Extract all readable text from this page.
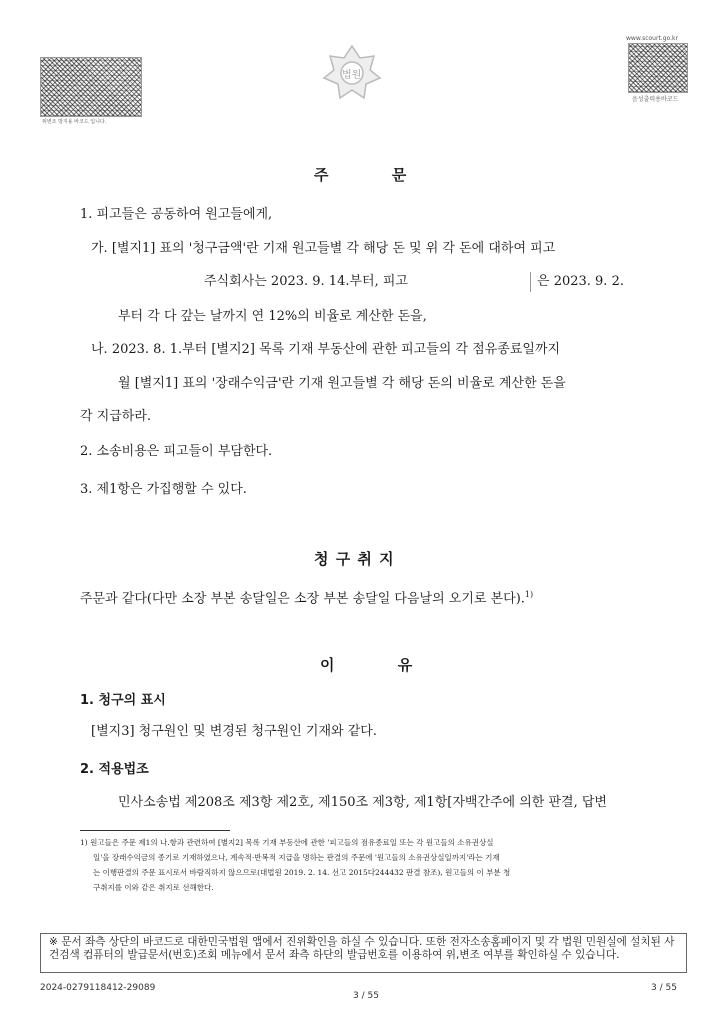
위변조 방지용 바코드 입니다.
법원
www.scourt.go.kr
음성출력용바코드
주          문
1. 피고들은 공동하여 원고들에게,
가. [별지1] 표의 '청구금액'란 기재 원고들별 각 해당 돈 및 위 각 돈에 대하여 피고
주식회사는 2023. 9. 14.부터, 피고	은 2023. 9. 2.
부터 각 다 갚는 날까지 연 12%의 비율로 계산한 돈을,
나. 2023. 8. 1.부터 [별지2] 목록 기재 부동산에 관한 피고들의 각 점유종료일까지
월 [별지1] 표의 '장래수익금'란 기재 원고들별 각 해당 돈의 비율로 계산한 돈을
각 지급하라.
2. 소송비용은 피고들이 부담한다.
3. 제1항은 가집행할 수 있다.
청 구 취 지
주문과 같다(다만 소장 부본 송달일은 소장 부본 송달일 다음날의 오기로 본다).$^{1)}$
이          유
1. 청구의 표시
[별지3] 청구원인 및 변경된 청구원인 기재와 같다.
2. 적용법조
민사소송법 제208조 제3항 제2호, 제150조 제3항, 제1항[자백간주에 의한 판결, 답변
1) 원고들은 주문 제1의 나.항과 관련하여 [별지2] 목록 기재 부동산에 관한 '피고들의 점유종료일 또는 각 원고들의 소유권상실
일'을 장래수익금의 종기로 기재하였으나, 계속적·반복적 지급을 명하는 판결의 주문에 '원고들의 소유권상실일까지'라는 기재
는 이행판결의 주문 표시로서 바람직하지 않으므로(대법원 2019. 2. 14. 선고 2015다244432 판결 참조), 원고들의 이 부분 청
구취지를 이와 같은 취지로 선해한다.
※ 문서 좌측 상단의 바코드로 대한민국법원 앱에서 진위확인을 하실 수 있습니다. 또한 전자소송홈페이지 및 각 법원 민원실에 설치된 사건검색 컴퓨터의 발급문서(번호)조회 메뉴에서 문서 좌측 하단의 발급번호를 이용하여 위,변조 여부를 확인하실 수 있습니다.
2024-0279118412-29089
3 / 55
3 / 55
